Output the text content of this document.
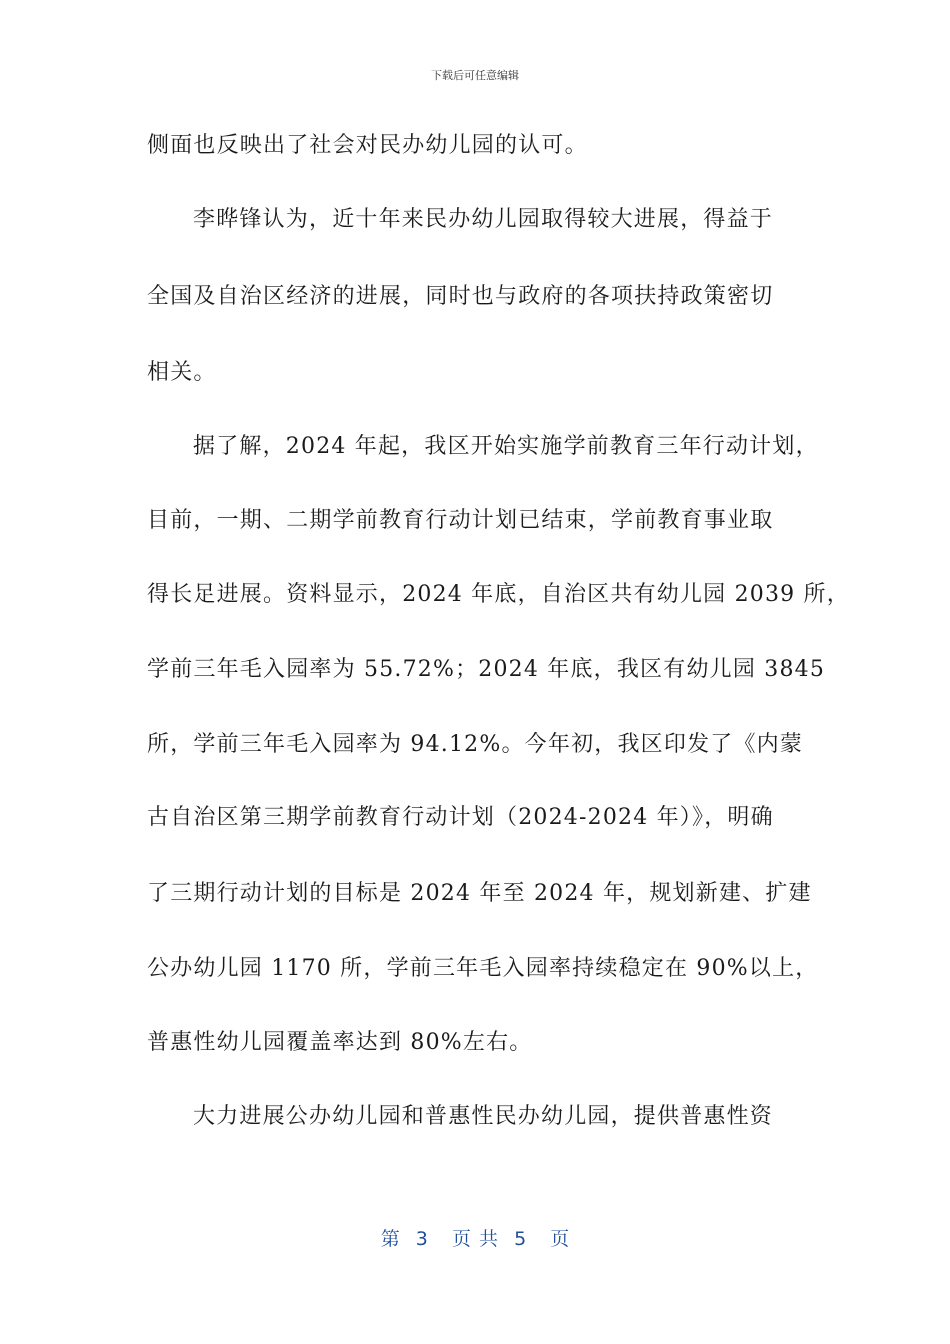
下载后可任意编辑
侧面也反映出了社会对民办幼儿园的认可。
李晔锋认为，近十年来民办幼儿园取得较大进展，得益于
全国及自治区经济的进展，同时也与政府的各项扶持政策密切
相关。
据了解，2024 年起，我区开始实施学前教育三年行动计划，
目前，一期、二期学前教育行动计划已结束，学前教育事业取
得长足进展。资料显示，2024 年底，自治区共有幼儿园 2039 所，
学前三年毛入园率为 55.72%；2024 年底，我区有幼儿园 3845
所，学前三年毛入园率为 94.12%。今年初，我区印发了《内蒙
古自治区第三期学前教育行动计划（2024-2024 年）》，明确
了三期行动计划的目标是 2024 年至 2024 年，规划新建、扩建
公办幼儿园 1170 所，学前三年毛入园率持续稳定在 90%以上，
普惠性幼儿园覆盖率达到 80%左右。
大力进展公办幼儿园和普惠性民办幼儿园，提供普惠性资
第  3   页 共  5   页
